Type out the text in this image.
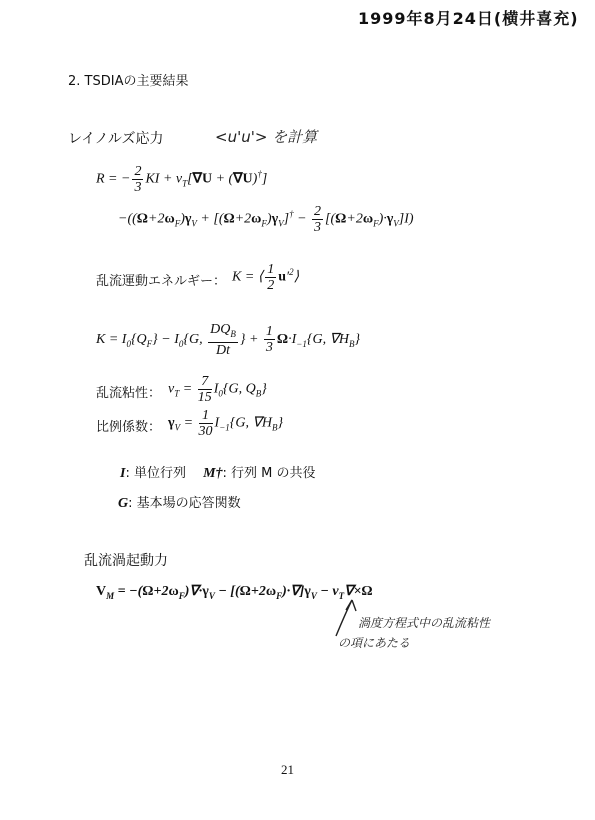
1999年8月24日(横井喜充)
2. TSDIAの主要結果
レイノルズ応力	<u'u'> を計算
R = − $\frac{2}{3}$ KI + $\nu_T[\nabla U + (\nabla U)^\dagger]$
$-((\Omega+2\omega_F)\gamma_V + [(\Omega+2\omega_F)\gamma_V]^\dagger - \frac{2}{3} [(\Omega+2\omega_F)\cdot\gamma_V]I)$
乱流運動エネルギー： K = ⟨ $\frac{1}{2}$ $u'^2⟩$
$K = I_0\{Q_F\} - I_0\{G$, $\frac{DQ_B}{Dt}$ } + $\frac{1}{3} \Omega\cdot I_{-1}\{G$, $\nabla H_B$}
乱流粘性： $\nu_T = \frac{7}{15} I_0\{G$, $Q_B$}
比例係数： $\gamma_V = \frac{1}{30} I_{-1}\{G$, $\nabla H_B$}
I: 単位行列 M†: 行列 M の共役
G: 基本場の応答関数
乱流渦起動力
$V_M = -(\Omega+2\omega_F)\nabla\cdot\gamma_V - [(\Omega+2\omega_F)\cdot\nabla]\gamma_V - \nu_T\nabla\times\Omega$
渦度方程式中の乱流粘性
の項にあたる
21
